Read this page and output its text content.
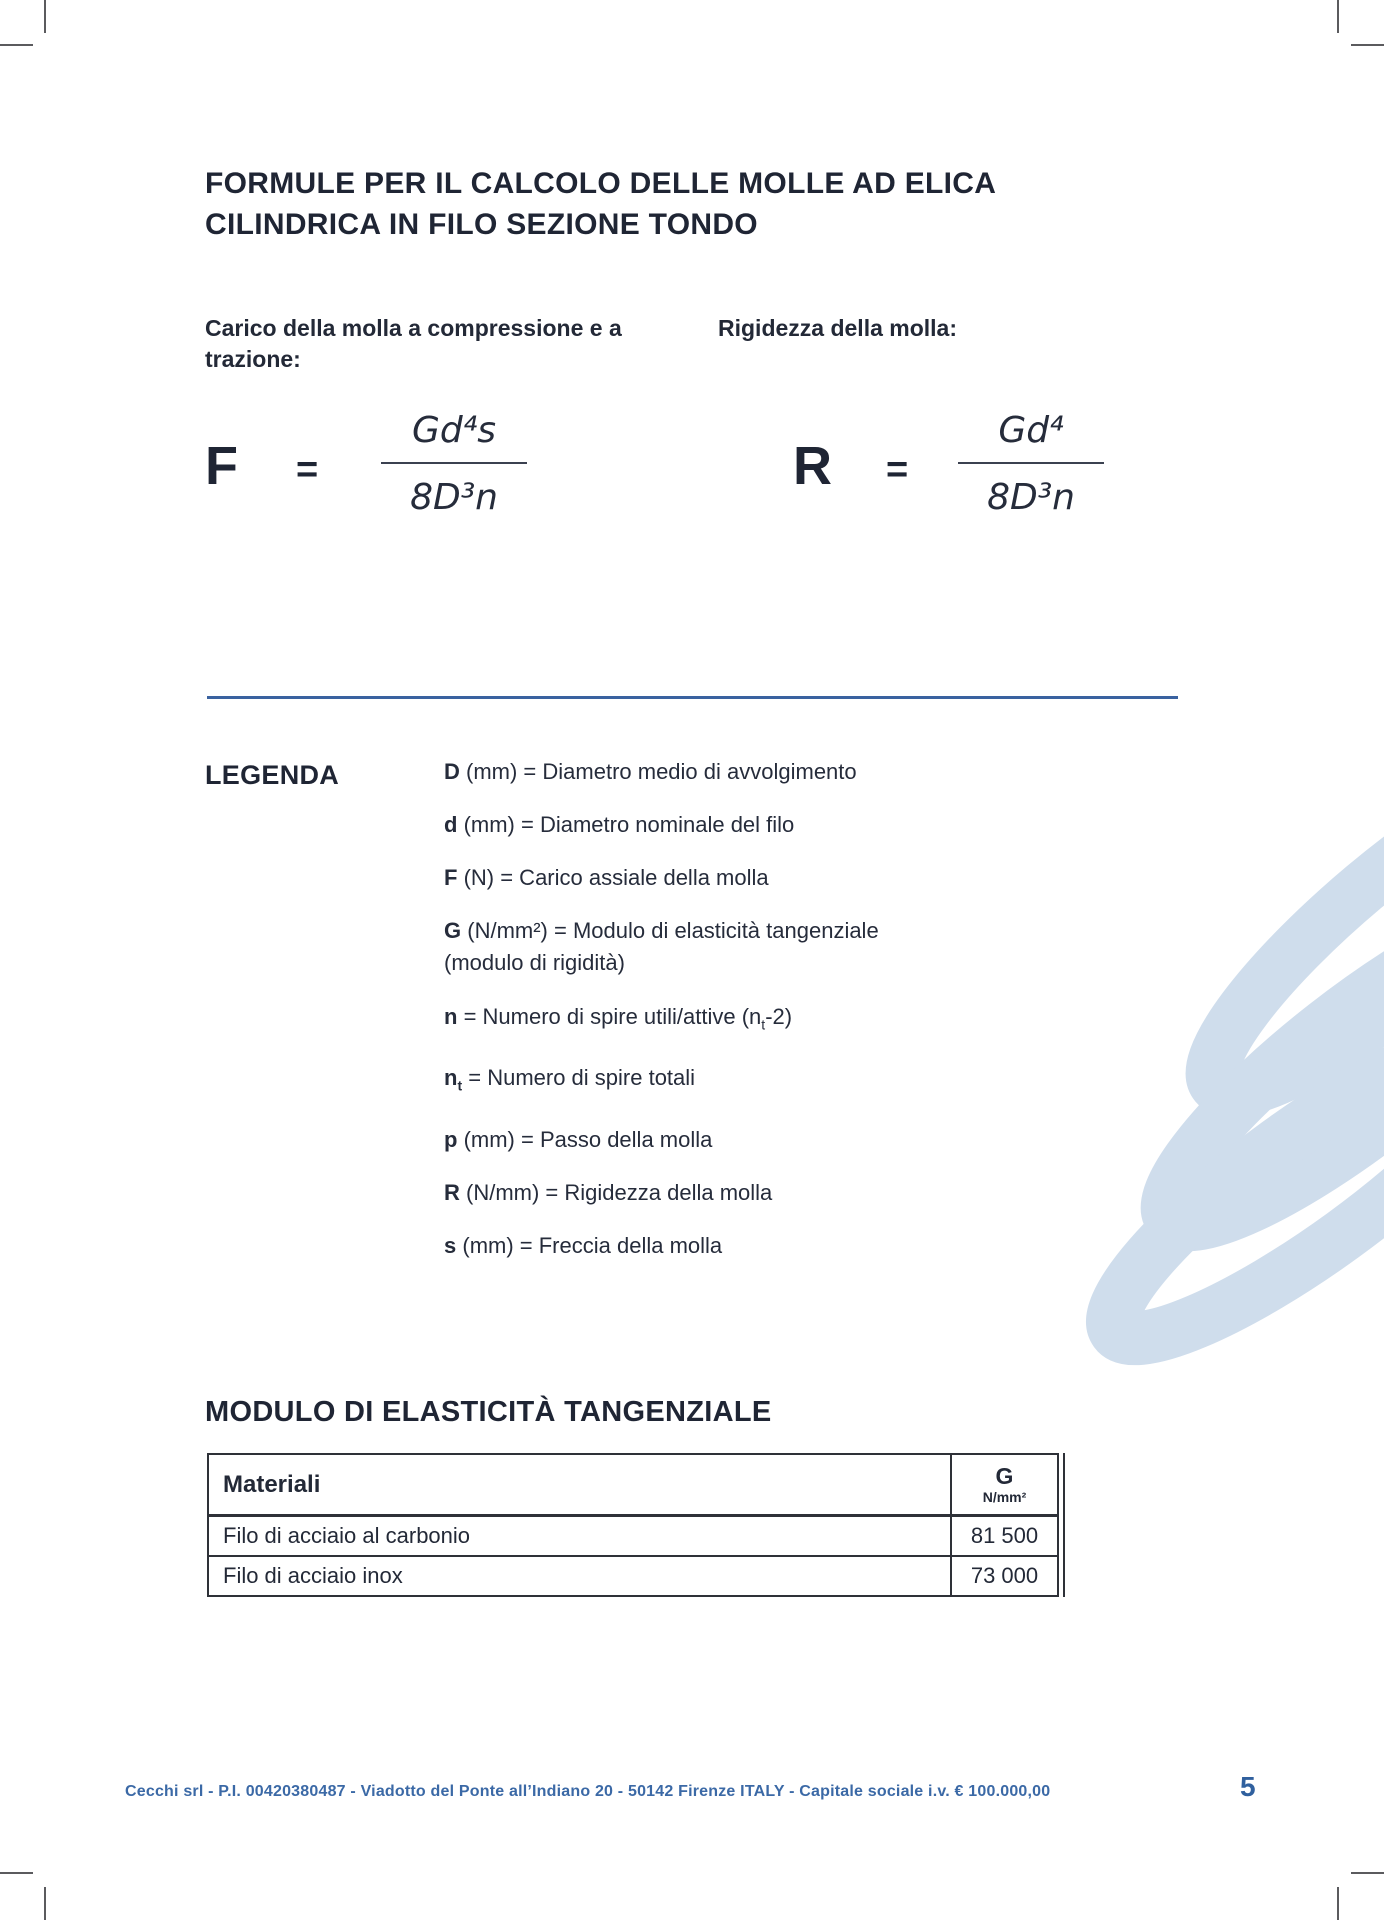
FORMULE PER IL CALCOLO DELLE MOLLE AD ELICA
CILINDRICA IN FILO SEZIONE TONDO
Carico della molla a compressione e a trazione:
Rigidezza della molla:
F =
Gd⁴s
8D³n
R =
Gd⁴
8D³n
LEGENDA	D (mm) = Diametro medio di avvolgimento
d (mm) = Diametro nominale del filo
F (N) = Carico assiale della molla
G (N/mm²) = Modulo di elasticità tangenziale
(modulo di rigidità)
n = Numero di spire utili/attive $(n_t-2)$
$n_t$ = Numero di spire totali
p (mm) = Passo della molla
R (N/mm) = Rigidezza della molla
s (mm) = Freccia della molla
MODULO DI ELASTICITÀ TANGENZIALE
Materiali	G
N/mm²
Filo di acciaio al carbonio	81 500
Filo di acciaio inox	73 000
Cecchi srl - P.I. 00420380487 - Viadotto del Ponte all’Indiano 20 - 50142 Firenze ITALY - Capitale sociale i.v. € 100.000,00	5
